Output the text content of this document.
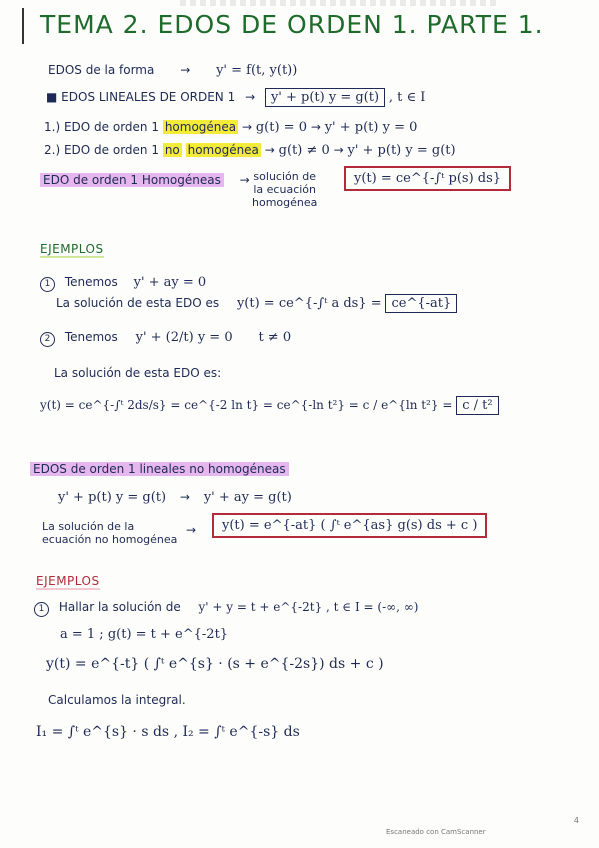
TEMA 2. EDOS DE ORDEN 1. PARTE 1.
EDOS de la forma → y' = f(t, y(t))
■ EDOS LINEALES DE ORDEN 1 → y' + p(t) y = g(t) , t ∈ I
1.) EDO de orden 1 homogénea → g(t) = 0 → y' + p(t) y = 0
2.) EDO de orden 1 no homogénea → g(t) ≠ 0 → y' + p(t) y = g(t)
EDO de orden 1 Homogéneas → solución de
la ecuación
homogénea
y(t) = ce^{-∫ᵗ p(s) ds}
EJEMPLOS
1 Tenemos y' + ay = 0
La solución de esta EDO es y(t) = ce^{-∫ᵗ a ds} = ce^{-at}
2 Tenemos y' + (2/t) y = 0 t ≠ 0
La solución de esta EDO es:
y(t) = ce^{-∫ᵗ 2ds/s} = ce^{-2 ln t} = ce^{-ln t²} = c / e^{ln t²} = c / t²
EDOS de orden 1 lineales no homogéneas
y' + p(t) y = g(t) → y' + ay = g(t)
La solución de la
ecuación no homogénea
→	y(t) = e^{-at} ( ∫ᵗ e^{as} g(s) ds + c )
EJEMPLOS
1 Hallar la solución de y' + y = t + e^{-2t} , t ∈ I = (-∞, ∞)
a = 1 ; g(t) = t + e^{-2t}
y(t) = e^{-t} ( ∫ᵗ e^{s} · (s + e^{-2s}) ds + c )
Calculamos la integral.
I₁ = ∫ᵗ e^{s} · s ds , I₂ = ∫ᵗ e^{-s} ds
4
Escaneado con CamScanner
